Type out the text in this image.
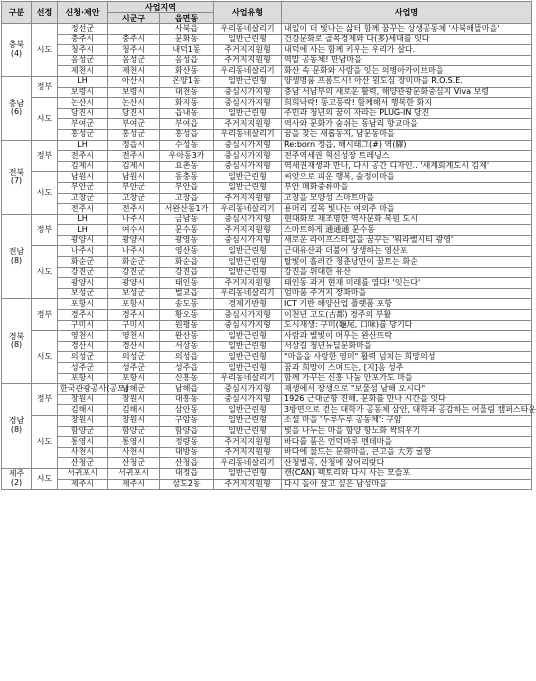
구분	선정	신청·제안	사업지역		사업유형	사업명
			시군구	읍면동		

충북
(4)	시도	정선군		사북읍	우리동네살리기	내일이 더 빛나는 삶터 함께 꿈꾸는 상생공동체 '사북해뜰마을'
		충주시	충주시	문화동	일반근린형	건강문화로 골목경제와 다(多)세대를 잇다
		청주시	청주시	내덕1동	주거지지원형	내덕에 사는 함께 키우는 우리가 살다.
		음성군	음성군	음성읍	주거지지원형	역말 공동체! 만남마을
		제천시	제천시	화산동	우리동네살리기	화산 속 문화와 사람을 잇는 의병아카이브마을

충남
(6)	정부	LH	아산시	온양1동	일반근린형	양생명품 프롬드시! 아산 원도심 장미마을 R.O.S.E.
		보령시	보령시	대천동	중심시가지형	충남 서남부의 새로운 활력, 해양관광문화중심지 Viva 보령
	시도	논산시	논산시	화지동	중심시가지형	희희낙락! 동고동락! 함께해서 행복한 화지
		당진시	당진시	읍내동	일반근린형	주민과 청년의 꿈이 자라는 PLUG-IN 당진
		부여군	부여군	부여읍	주거지지원형	역사와 문화가 숨쉬는 동남리 향교마을
		홍성군	홍성군	홍성읍	우리동네살리기	꿈을 찾는 새롭동지, 남문동마을

전북
(7)	정부	LH	정읍시	수성동	중심시가지형	Re:born 정읍, 해시태그(#) 역(驛)
		전주시	전주시	우아동3가	중심시가지형	전주역세권 혁신성장 트레닝스
		김제시	김제시	요촌동	중심시가지형	역세권재생과 만나, 다시 공간 디자인.. '새계회계도시 김제'
	시도	남원시	남원시	동충동	일반근린형	씨앗으로 피운 행복, 숲정이마을
		부안군	부안군	부안읍	일반근린형	부안 매화중류마을
		고창군	고창군	고창읍	주거지지원형	고창을 모양성 스마트마을
		전주시	전주시	서완산동1가	우리동네살리기	용머리 길목 빛나는 여의주 마을

전남
(8)	정부	LH	나주시	금남동	중심시가지형	현대화로 재조명한 역사문화 복원 도시
		LH	여수시	문수동	주거지지원형	스마트하게 通通通 문수동
		광양시	광양시	광영동	중심시가지형	새로운 라이프스타일을 꿈꾸는 '워라밸시티 광영'
	시도	나주시	나주시	영산동	일반근린형	근대유산과 더불어 상생하는 영산포
		화순군	화순군	화순읍	일반근린형	탈빛이 흘러간 청춘낭만이 꿈트는 화순
		강진군	강진군	강진읍	일반근린형	강진을 위대한 유산
		광양시	광양시	태인동	주거지지원형	태인동 과거 현재 미래를 열다! '잇는다'
		보성군	보성군	벌교읍	우리동네살리기	엄마품 주거지 장좌마을

경북
(8)	정부	포항시	포항시	송도동	경제기반형	ICT 기반 해양산업 플랫폼 포항
		경주시	경주시	황오동	중심시가지형	이천년 고도(古都) 경주의 부활
		구미시	구미시	원평동	중심시가지형	도시재생: 구미(龜尾, 口味)를 당기다
	시도	영천시	영천시	완산동	일반근린형	사람과 별빛이 머무는 완산뜨락
		경산시	경산시	서상동	일반근린형	서상길 청년뉴딜문화마을
		의성군	의성군	의성읍	일반근린형	"마을을 사랑한 영미" 활력 넘치는 희망의성
		성주군	성주군	성주읍	일반근린형	꿈과 희망이 스며드는, [지]음 성주
		포항시	포항시	신흥동	우리동네살리기	함께 가꾸는 신흥 나눔 안포가도 마을

경남
(8)	정부	한국관광공사(공모)	남해군	남해읍	중심시가지형	재생에서 장생으로 "보물섬 남해 오시다"
		창원시	창원시	대흥동	중심시가지형	1926 근대군항 진해, 문화를 만나 시간을 잇다
		김해시	김해시	삼안동	일반근린형	3방면으로 걷는 대학가 공동체 삼안, 대학과 공감하는 어울림 캠퍼스타운
	시도	창원시	창원시	구암동	일반근린형	소셜 마을 '두루두루 공동체': 구암
		함양군	함양군	함양읍	일반근린형	빛을 나누는 마을 함양 항노화 싹틔우기
		통영시	통영시	정량동	주거지지원형	바다를 품은 언덕마루 멘데마을
		사천시	사천시	대방동	주거지지원형	바다에 물드는 문화마을, 큰고을 大芳 굴항
		산청군	산청군	산청읍	우리동네살리기	산청별곡, 산청에 살어리랏다

제주
(2)	시도	서귀포시	서귀포시	대정읍	일반근린형	캔(CAN) 팩토리와 다시 사는 모슬포
		제주시	제주시	삼도2동	주거지지원형	다시 돌아 살고 싶은 남성마을
